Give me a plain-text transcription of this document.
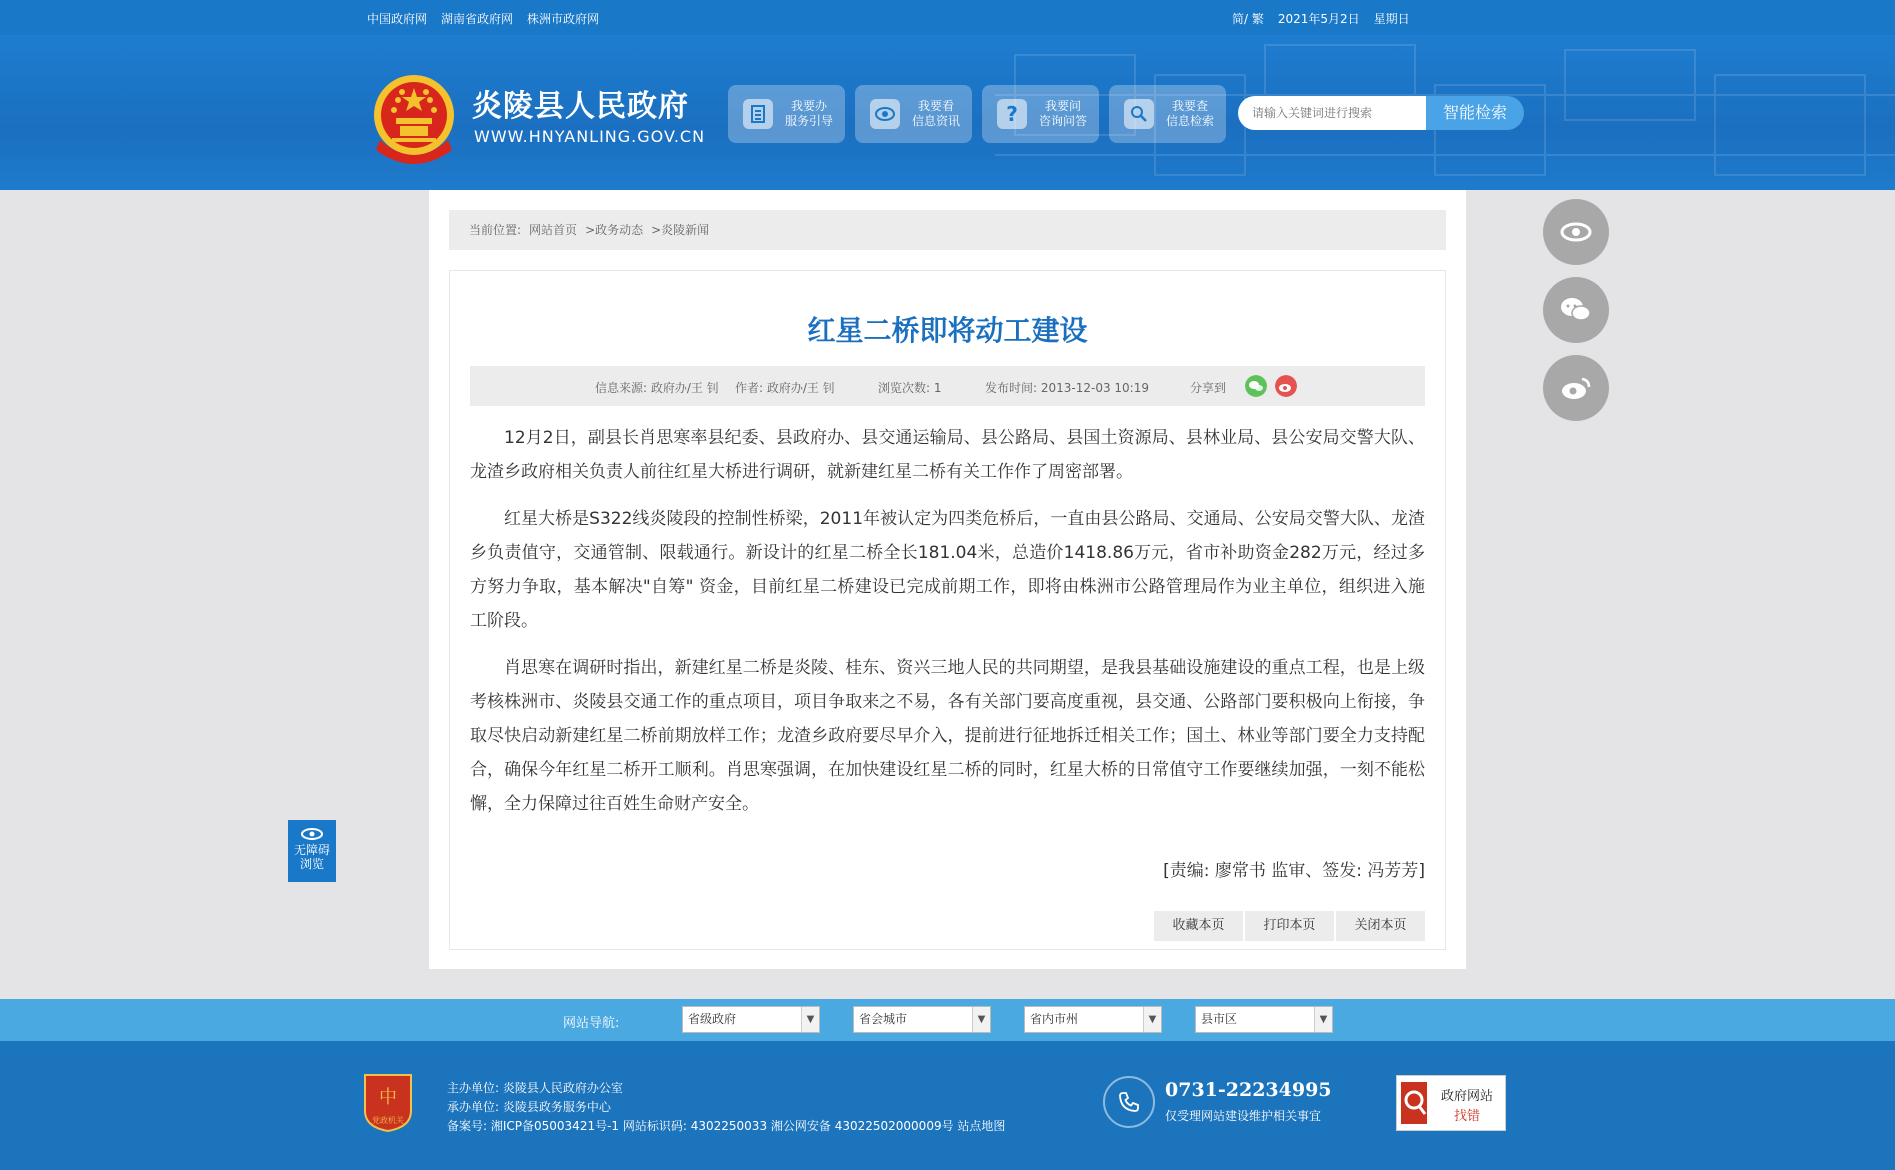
中国政府网 湖南省政府网 株洲市政府网	简/ 繁 2021年5月2日 星期日
炎陵县人民政府
WWW.HNYANLING.GOV.CN
我要办
服务引导
我要看
信息资讯	?	我要问
咨询问答
我要查
信息检索
请输入关键词进行搜索	智能检索
当前位置: 网站首页 >政务动态 >炎陵新闻
红星二桥即将动工建设
信息来源: 政府办/王 钊 作者: 政府办/王 钊	浏览次数: 1	发布时间: 2013-12-03 10:19	分享到

12月2日，副县长肖思寒率县纪委、县政府办、县交通运输局、县公路局、县国土资源局、县林业局、县公安局交警大队、龙渣乡政府相关负责人前往红星大桥进行调研，就新建红星二桥有关工作作了周密部署。

红星大桥是S322线炎陵段的控制性桥梁，2011年被认定为四类危桥后，一直由县公路局、交通局、公安局交警大队、龙渣乡负责值守，交通管制、限载通行。新设计的红星二桥全长181.04米，总造价1418.86万元，省市补助资金282万元，经过多方努力争取，基本解决"自筹" 资金，目前红星二桥建设已完成前期工作，即将由株洲市公路管理局作为业主单位，组织进入施工阶段。

肖思寒在调研时指出，新建红星二桥是炎陵、桂东、资兴三地人民的共同期望，是我县基础设施建设的重点工程，也是上级考核株洲市、炎陵县交通工作的重点项目，项目争取来之不易，各有关部门要高度重视，县交通、公路部门要积极向上衔接，争取尽快启动新建红星二桥前期放样工作；龙渣乡政府要尽早介入，提前进行征地拆迁相关工作；国土、林业等部门要全力支持配合，确保今年红星二桥开工顺利。肖思寒强调，在加快建设红星二桥的同时，红星大桥的日常值守工作要继续加强，一刻不能松懈，全力保障过往百姓生命财产安全。

[责编: 廖常书 监审、签发: 冯芳芳]
收藏本页	打印本页	关闭本页
无障碍
浏览
网站导航:	省级政府	▼	省会城市	▼	省内市州	▼	县市区	▼
中
党政机关
主办单位: 炎陵县人民政府办公室
承办单位: 炎陵县政务服务中心
备案号: 湘ICP备05003421号-1 网站标识码: 4302250033 湘公网安备 43022502000009号 站点地图
0731-22234995
仅受理网站建设维护相关事宜
政府网站
找错
